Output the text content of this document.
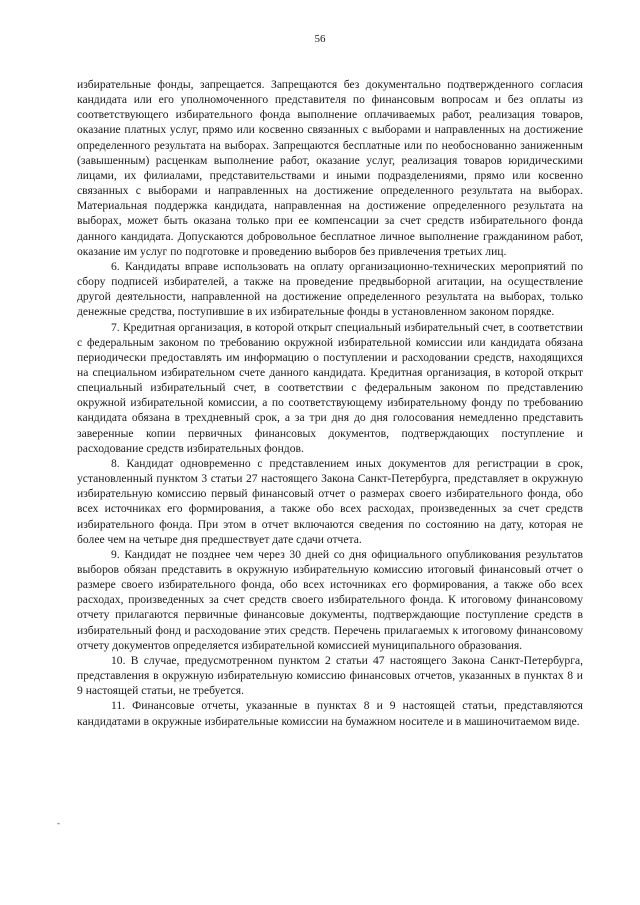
56

избирательные фонды, запрещается. Запрещаются без документально подтвержденного согласия кандидата или его уполномоченного представителя по финансовым вопросам и без оплаты из соответствующего избирательного фонда выполнение оплачиваемых работ, реализация товаров, оказание платных услуг, прямо или косвенно связанных с выборами и направленных на достижение определенного результата на выборах. Запрещаются бесплатные или по необоснованно заниженным (завышенным) расценкам выполнение работ, оказание услуг, реализация товаров юридическими лицами, их филиалами, представительствами и иными подразделениями, прямо или косвенно связанных с выборами и направленных на достижение определенного результата на выборах. Материальная поддержка кандидата, направленная на достижение определенного результата на выборах, может быть оказана только при ее компенсации за счет средств избирательного фонда данного кандидата. Допускаются добровольное бесплатное личное выполнение гражданином работ, оказание им услуг по подготовке и проведению выборов без привлечения третьих лиц.

6. Кандидаты вправе использовать на оплату организационно-технических мероприятий по сбору подписей избирателей, а также на проведение предвыборной агитации, на осуществление другой деятельности, направленной на достижение определенного результата на выборах, только денежные средства, поступившие в их избирательные фонды в установленном законом порядке.

7. Кредитная организация, в которой открыт специальный избирательный счет, в соответствии с федеральным законом по требованию окружной избирательной комиссии или кандидата обязана периодически предоставлять им информацию о поступлении и расходовании средств, находящихся на специальном избирательном счете данного кандидата. Кредитная организация, в которой открыт специальный избирательный счет, в соответствии с федеральным законом по представлению окружной избирательной комиссии, а по соответствующему избирательному фонду по требованию кандидата обязана в трехдневный срок, а за три дня до дня голосования немедленно представить заверенные копии первичных финансовых документов, подтверждающих поступление и расходование средств избирательных фондов.

8. Кандидат одновременно с представлением иных документов для регистрации в срок, установленный пунктом 3 статьи 27 настоящего Закона Санкт-Петербурга, представляет в окружную избирательную комиссию первый финансовый отчет о размерах своего избирательного фонда, обо всех источниках его формирования, а также обо всех расходах, произведенных за счет средств избирательного фонда. При этом в отчет включаются сведения по состоянию на дату, которая не более чем на четыре дня предшествует дате сдачи отчета.

9. Кандидат не позднее чем через 30 дней со дня официального опубликования результатов выборов обязан представить в окружную избирательную комиссию итоговый финансовый отчет о размере своего избирательного фонда, обо всех источниках его формирования, а также обо всех расходах, произведенных за счет средств своего избирательного фонда. К итоговому финансовому отчету прилагаются первичные финансовые документы, подтверждающие поступление средств в избирательный фонд и расходование этих средств. Перечень прилагаемых к итоговому финансовому отчету документов определяется избирательной комиссией муниципального образования.

10. В случае, предусмотренном пунктом 2 статьи 47 настоящего Закона Санкт-Петербурга, представления в окружную избирательную комиссию финансовых отчетов, указанных в пунктах 8 и 9 настоящей статьи, не требуется.

11. Финансовые отчеты, указанные в пунктах 8 и 9 настоящей статьи, представляются кандидатами в окружные избирательные комиссии на бумажном носителе и в машиночитаемом виде.

-
